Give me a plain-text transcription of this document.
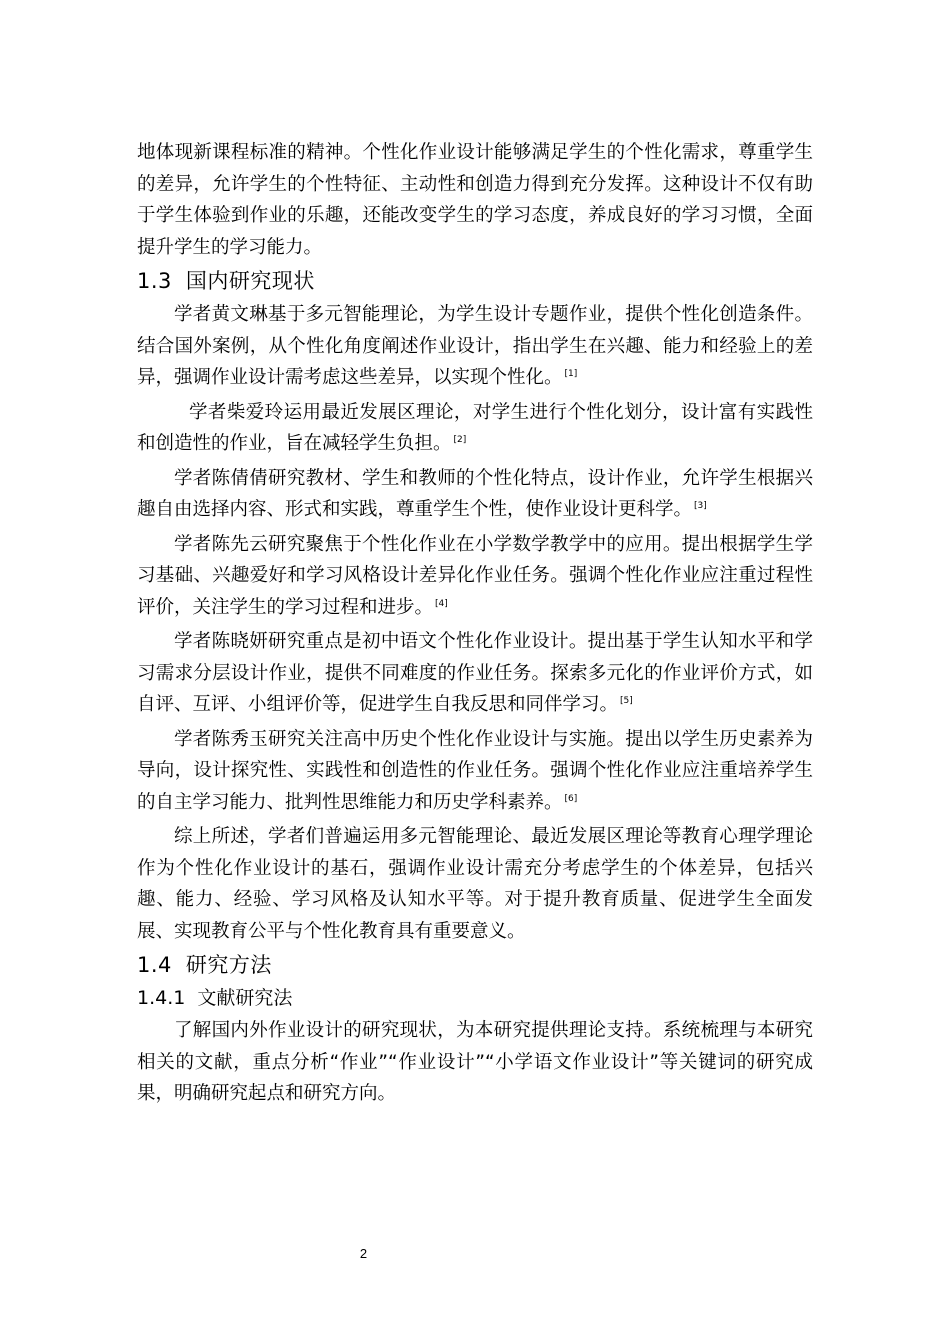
地体现新课程标准的精神。个性化作业设计能够满足学生的个性化需求，尊重学生的差异，允许学生的个性特征、主动性和创造力得到充分发挥。这种设计不仅有助于学生体验到作业的乐趣，还能改变学生的学习态度，养成良好的学习习惯，全面提升学生的学习能力。

1.3 国内研究现状

学者黄文琳基于多元智能理论，为学生设计专题作业，提供个性化创造条件。结合国外案例，从个性化角度阐述作业设计，指出学生在兴趣、能力和经验上的差异，强调作业设计需考虑这些差异，以实现个性化。 [1]

学者柴爱玲运用最近发展区理论，对学生进行个性化划分，设计富有实践性和创造性的作业，旨在减轻学生负担。 [2]

学者陈倩倩研究教材、学生和教师的个性化特点，设计作业，允许学生根据兴趣自由选择内容、形式和实践，尊重学生个性，使作业设计更科学。 [3]

学者陈先云研究聚焦于个性化作业在小学数学教学中的应用。提出根据学生学习基础、兴趣爱好和学习风格设计差异化作业任务。强调个性化作业应注重过程性评价，关注学生的学习过程和进步。 [4]

学者陈晓妍研究重点是初中语文个性化作业设计。提出基于学生认知水平和学习需求分层设计作业，提供不同难度的作业任务。探索多元化的作业评价方式，如自评、互评、小组评价等，促进学生自我反思和同伴学习。 [5]

学者陈秀玉研究关注高中历史个性化作业设计与实施。提出以学生历史素养为导向，设计探究性、实践性和创造性的作业任务。强调个性化作业应注重培养学生的自主学习能力、批判性思维能力和历史学科素养。 [6]

综上所述，学者们普遍运用多元智能理论、最近发展区理论等教育心理学理论作为个性化作业设计的基石，强调作业设计需充分考虑学生的个体差异，包括兴趣、能力、经验、学习风格及认知水平等。对于提升教育质量、促进学生全面发展、实现教育公平与个性化教育具有重要意义。

1.4 研究方法
1.4.1 文献研究法

了解国内外作业设计的研究现状，为本研究提供理论支持。系统梳理与本研究相关的文献，重点分析“作业”“作业设计”“小学语文作业设计”等关键词的研究成果，明确研究起点和研究方向。

2
